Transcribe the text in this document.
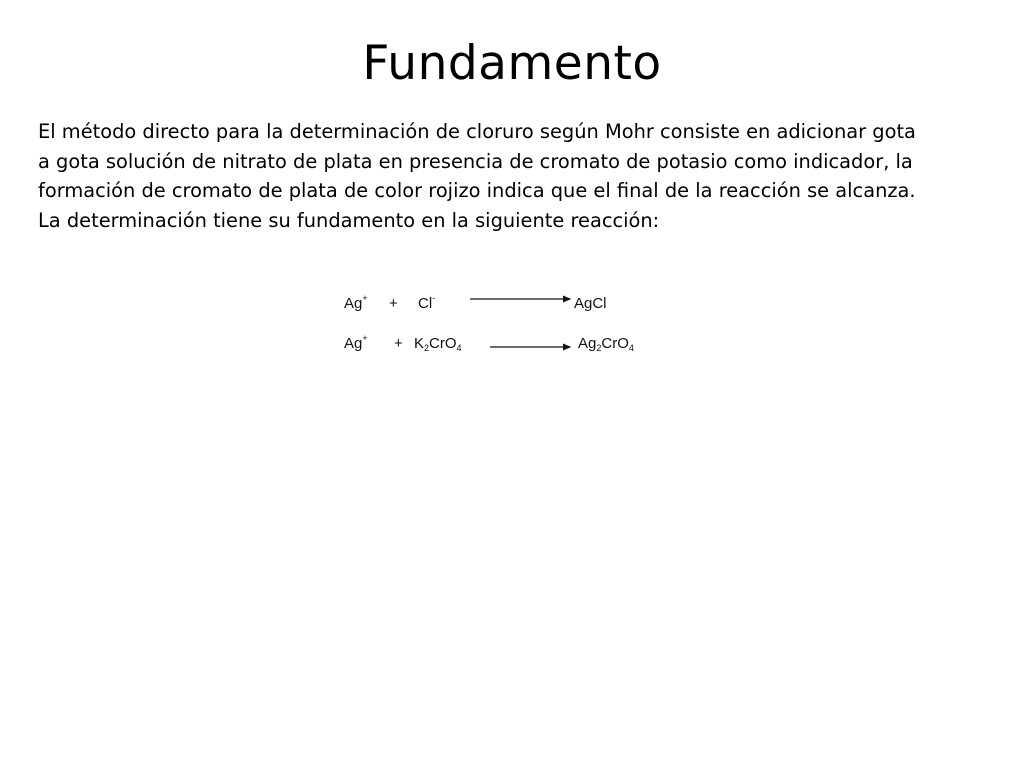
Fundamento
El método directo para la determinación de cloruro según Mohr consiste en adicionar gota
a gota solución de nitrato de plata en presencia de cromato de potasio como indicador, la
formación de cromato de plata de color rojizo indica que el final de la reacción se alcanza.
La determinación tiene su fundamento en la siguiente reacción:
Ag+ + Cl-	AgCl
$Ag^+ + K_2CrO_4$	$Ag_2CrO_4$
